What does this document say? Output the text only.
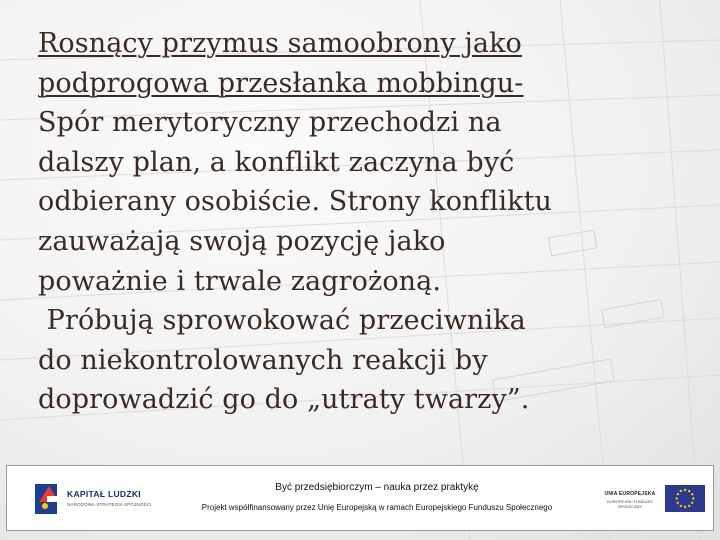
Rosnący przymus samoobrony jako
podprogowa przesłanka mobbingu-
Spór merytoryczny przechodzi na
dalszy plan, a konflikt zaczyna być
odbierany osobiście. Strony konfliktu
zauważają swoją pozycję jako
poważnie i trwale zagrożoną.
Próbują sprowokować przeciwnika
do niekontrolowanych reakcji by
doprowadzić go do „utraty twarzy”.
KAPITAŁ LUDZKI
NARODOWA STRATEGIA SPÓJNOŚCI
Być przedsiębiorczym – nauka przez praktykę
Projekt współfinansowany przez Unię Europejską w ramach Europejskiego Funduszu Społecznego
UNIA EUROPEJSKA
EUROPEJSKI FUNDUSZ SPOŁECZNY
